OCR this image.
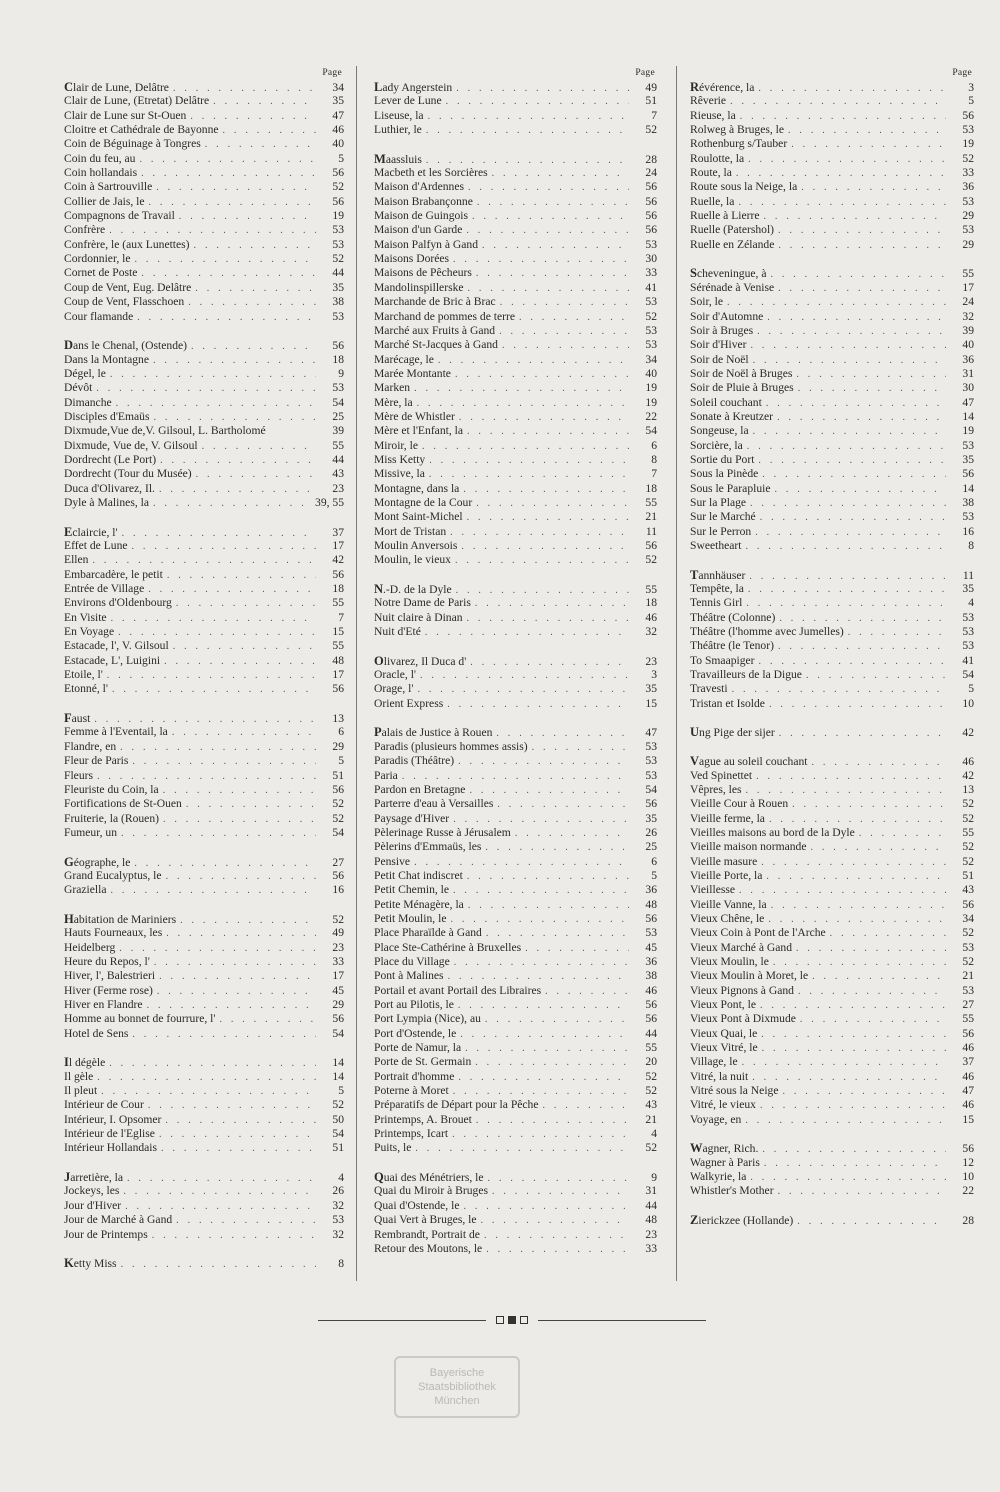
Page
Clair de Lune, Delâtre . . .	34
Clair de Lune, (Etretat) Delâtre . . .	35
Clair de Lune sur St-Ouen . . .	47
Cloitre et Cathédrale de Bayonne . . .	46
Coin de Béguinage à Tongres . . .	40
Coin du feu, au . . .	5
Coin hollandais . . .	56
Coin à Sartrouville . . .	52
Collier de Jais, le . . .	56
Compagnons de Travail . . .	19
Confrère . . .	53
Confrère, le (aux Lunettes) . . .	53
Cordonnier, le . . .	52
Cornet de Poste . . .	44
Coup de Vent, Eug. Delâtre . . .	35
Coup de Vent, Flasschoen . . .	38
Cour flamande . . .	53
Dans le Chenal, (Ostende) . . .	56
Dans la Montagne . . .	18
Dégel, le . . .	9
Dévôt . . .	53
Dimanche . . .	54
Disciples d'Emaüs . . .	25
Dixmude,Vue de,V. Gilsoul, L. Bartholomé	39
Dixmude, Vue de, V. Gilsoul . . .	55
Dordrecht (Le Port) . . .	44
Dordrecht (Tour du Musée) . . .	43
Duca d'Olivarez, Il. . . .	23
Dyle à Malines, la . . .	39, 55
Eclaircie, l' . . .	37
Effet de Lune . . .	17
Ellen . . .	42
Embarcadère, le petit . . .	56
Entrée de Village . . .	18
Environs d'Oldenbourg . . .	55
En Visite . . .	7
En Voyage . . .	15
Estacade, l', V. Gilsoul . . .	55
Estacade, L', Luigini . . .	48
Etoile, l' . . .	17
Etonné, l' . . .	56
Faust . . .	13
Femme à l'Eventail, la . . .	6
Flandre, en . . .	29
Fleur de Paris . . .	5
Fleurs . . .	51
Fleuriste du Coin, la . . .	56
Fortifications de St-Ouen . . .	52
Fruiterie, la (Rouen) . . .	52
Fumeur, un . . .	54
Géographe, le . . .	27
Grand Eucalyptus, le . . .	56
Graziella . . .	16
Habitation de Mariniers . . .	52
Hauts Fourneaux, les . . .	49
Heidelberg . . .	23
Heure du Repos, l' . . .	33
Hiver, l', Balestrieri . . .	17
Hiver (Ferme rose) . . .	45
Hiver en Flandre . . .	29
Homme au bonnet de fourrure, l' . . .	56
Hotel de Sens . . .	54
Il dégèle . . .	14
Il gèle . . .	14
Il pleut . . .	5
Intérieur de Cour . . .	52
Intérieur, I. Opsomer . . .	50
Intérieur de l'Eglise . . .	54
Intérieur Hollandais . . .	51
Jarretière, la . . .	4
Jockeys, les . . .	26
Jour d'Hiver . . .	32
Jour de Marché à Gand . . .	53
Jour de Printemps . . .	32
Ketty Miss . . .	8
Page
Lady Angerstein . . .	49
Lever de Lune . . .	51
Liseuse, la . . .	7
Luthier, le . . .	52
Maassluis . . .	28
Macbeth et les Sorcières . . .	24
Maison d'Ardennes . . .	56
Maison Brabançonne . . .	56
Maison de Guingois . . .	56
Maison d'un Garde . . .	56
Maison Palfyn à Gand . . .	53
Maisons Dorées . . .	30
Maisons de Pêcheurs . . .	33
Mandolinspillerske . . .	41
Marchande de Bric à Brac . . .	53
Marchand de pommes de terre . . .	52
Marché aux Fruits à Gand . . .	53
Marché St-Jacques à Gand . . .	53
Marécage, le . . .	34
Marée Montante . . .	40
Marken . . .	19
Mère, la . . .	19
Mère de Whistler . . .	22
Mère et l'Enfant, la . . .	54
Miroir, le . . .	6
Miss Ketty . . .	8
Missive, la . . .	7
Montagne, dans la . . .	18
Montagne de la Cour . . .	55
Mont Saint-Michel . . .	21
Mort de Tristan . . .	11
Moulin Anversois . . .	56
Moulin, le vieux . . .	52
N.-D. de la Dyle . . .	55
Notre Dame de Paris . . .	18
Nuit claire à Dinan . . .	46
Nuit d'Eté . . .	32
Olivarez, Il Duca d' . . .	23
Oracle, l' . . .	3
Orage, l' . . .	35
Orient Express . . .	15
Palais de Justice à Rouen . . .	47
Paradis (plusieurs hommes assis) . . .	53
Paradis (Théâtre) . . .	53
Paria . . .	53
Pardon en Bretagne . . .	54
Parterre d'eau à Versailles . . .	56
Paysage d'Hiver . . .	35
Pèlerinage Russe à Jérusalem . . .	26
Pèlerins d'Emmaüs, les . . .	25
Pensive . . .	6
Petit Chat indiscret . . .	5
Petit Chemin, le . . .	36
Petite Ménagère, la . . .	48
Petit Moulin, le . . .	56
Place Pharaïlde à Gand . . .	53
Place Ste-Cathérine à Bruxelles . . .	45
Place du Village . . .	36
Pont à Malines . . .	38
Portail et avant Portail des Libraires . . .	46
Port au Pilotis, le . . .	56
Port Lympia (Nice), au . . .	56
Port d'Ostende, le . . .	44
Porte de Namur, la . . .	55
Porte de St. Germain . . .	20
Portrait d'homme . . .	52
Poterne à Moret . . .	52
Préparatifs de Départ pour la Pêche . . .	43
Printemps, A. Brouet . . .	21
Printemps, Icart . . .	4
Puits, le . . .	52
Quai des Ménétriers, le . . .	9
Quai du Miroir à Bruges . . .	31
Quai d'Ostende, le . . .	44
Quai Vert à Bruges, le . . .	48
Rembrandt, Portrait de . . .	23
Retour des Moutons, le . . .	33
Page
Révérence, la . . .	3
Rêverie . . .	5
Rieuse, la . . .	56
Rolweg à Bruges, le . . .	53
Rothenburg s/Tauber . . .	19
Roulotte, la . . .	52
Route, la . . .	33
Route sous la Neige, la . . .	36
Ruelle, la . . .	53
Ruelle à Lierre . . .	29
Ruelle (Patershol) . . .	53
Ruelle en Zélande . . .	29
Scheveningue, à . . .	55
Sérénade à Venise . . .	17
Soir, le . . .	24
Soir d'Automne . . .	32
Soir à Bruges . . .	39
Soir d'Hiver . . .	40
Soir de Noël . . .	36
Soir de Noël à Bruges . . .	31
Soir de Pluie à Bruges . . .	30
Soleil couchant . . .	47
Sonate à Kreutzer . . .	14
Songeuse, la . . .	19
Sorcière, la . . .	53
Sortie du Port . . .	35
Sous la Pinède . . .	56
Sous le Parapluie . . .	14
Sur la Plage . . .	38
Sur le Marché . . .	53
Sur le Perron . . .	16
Sweetheart . . .	8
Tannhäuser . . .	11
Tempête, la . . .	35
Tennis Girl . . .	4
Théâtre (Colonne) . . .	53
Théâtre (l'homme avec Jumelles) . . .	53
Théâtre (le Tenor) . . .	53
To Smaapiger . . .	41
Travailleurs de la Digue . . .	54
Travesti . . .	5
Tristan et Isolde . . .	10
Ung Pige der sijer . . .	42
Vague au soleil couchant . . .	46
Ved Spinettet . . .	42
Vêpres, les . . .	13
Vieille Cour à Rouen . . .	52
Vieille ferme, la . . .	52
Vieilles maisons au bord de la Dyle . . .	55
Vieille maison normande . . .	52
Vieille masure . . .	52
Vieille Porte, la . . .	51
Vieillesse . . .	43
Vieille Vanne, la . . .	56
Vieux Chêne, le . . .	34
Vieux Coin à Pont de l'Arche . . .	52
Vieux Marché à Gand . . .	53
Vieux Moulin, le . . .	52
Vieux Moulin à Moret, le . . .	21
Vieux Pignons à Gand . . .	53
Vieux Pont, le . . .	27
Vieux Pont à Dixmude . . .	55
Vieux Quai, le . . .	56
Vieux Vitré, le . . .	46
Village, le . . .	37
Vitré, la nuit . . .	46
Vitré sous la Neige . . .	47
Vitré, le vieux . . .	46
Voyage, en . . .	15
Wagner, Rich. . . .	56
Wagner à Paris . . .	12
Walkyrie, la . . .	10
Whistler's Mother . . .	22
Zierickzee (Hollande) . . .	28
Bayerische
Staatsbibliothek
München
